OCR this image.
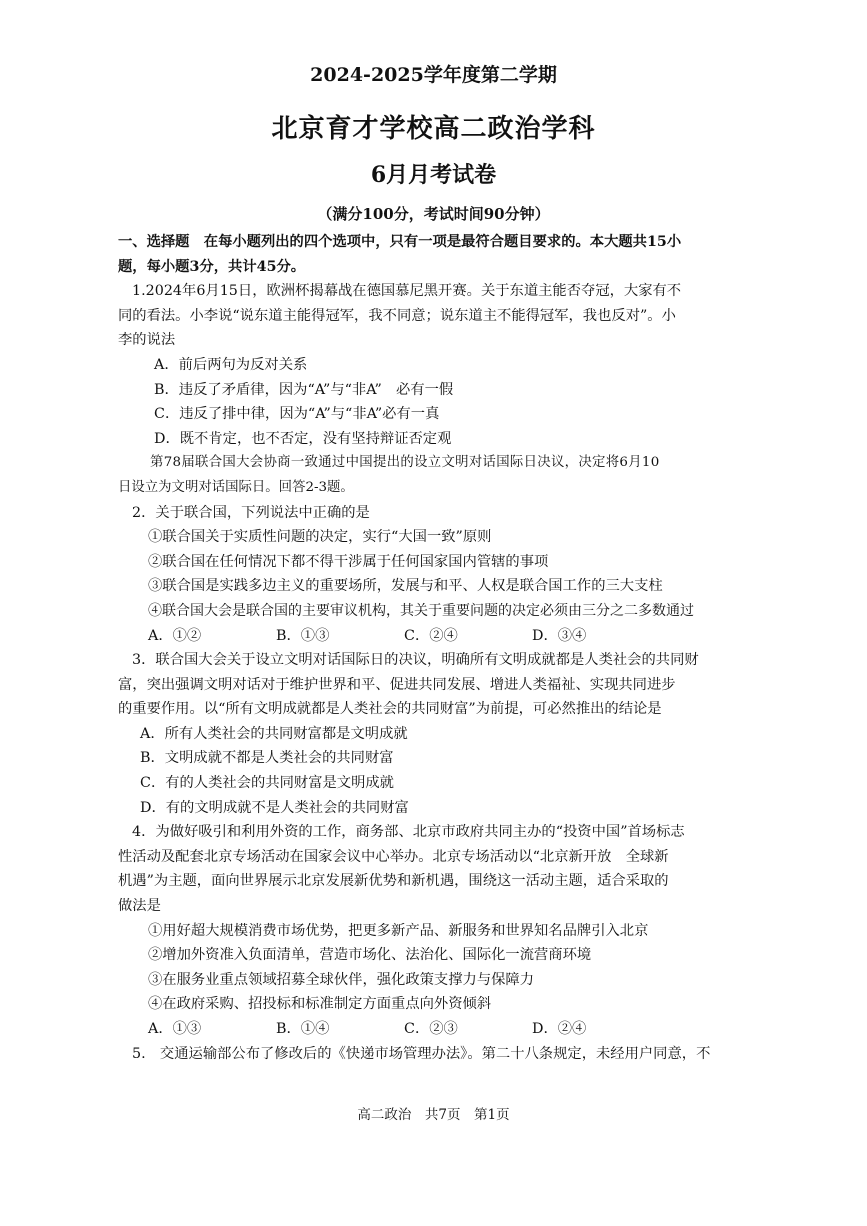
2024-2025学年度第二学期
北京育才学校高二政治学科
6月月考试卷
（满分100分，考试时间90分钟）

一、选择题　在每小题列出的四个选项中，只有一项是最符合题目要求的。本大题共15小

题，每小题3分，共计45分。

1.2024年6月15日，欧洲杯揭幕战在德国慕尼黑开赛。关于东道主能否夺冠，大家有不

同的看法。小李说“说东道主能得冠军，我不同意；说东道主不能得冠军，我也反对”。小

李的说法

A．前后两句为反对关系

B．违反了矛盾律，因为“A”与“非A”　必有一假

C．违反了排中律，因为“A”与“非A”必有一真

D．既不肯定，也不否定，没有坚持辩证否定观

第78届联合国大会协商一致通过中国提出的设立文明对话国际日决议，决定将6月10

日设立为文明对话国际日。回答2-3题。

2．关于联合国，下列说法中正确的是

①联合国关于实质性问题的决定，实行“大国一致”原则

②联合国在任何情况下都不得干涉属于任何国家国内管辖的事项

③联合国是实践多边主义的重要场所，发展与和平、人权是联合国工作的三大支柱

④联合国大会是联合国的主要审议机构，其关于重要问题的决定必须由三分之二多数通过

A．①②	B．①③	C．②④	D．③④

3．联合国大会关于设立文明对话国际日的决议，明确所有文明成就都是人类社会的共同财

富，突出强调文明对话对于维护世界和平、促进共同发展、增进人类福祉、实现共同进步

的重要作用。以“所有文明成就都是人类社会的共同财富”为前提，可必然推出的结论是

A．所有人类社会的共同财富都是文明成就

B．文明成就不都是人类社会的共同财富

C．有的人类社会的共同财富是文明成就

D．有的文明成就不是人类社会的共同财富

4．为做好吸引和利用外资的工作，商务部、北京市政府共同主办的“投资中国”首场标志

性活动及配套北京专场活动在国家会议中心举办。北京专场活动以“北京新开放　全球新

机遇”为主题，面向世界展示北京发展新优势和新机遇，围绕这一活动主题，适合采取的

做法是

①用好超大规模消费市场优势，把更多新产品、新服务和世界知名品牌引入北京

②增加外资准入负面清单，营造市场化、法治化、国际化一流营商环境

③在服务业重点领域招募全球伙伴，强化政策支撑力与保障力

④在政府采购、招投标和标准制定方面重点向外资倾斜

A．①③	B．①④	C．②③	D．②④

5.　交通运输部公布了修改后的《快递市场管理办法》。第二十八条规定，未经用户同意，不

高二政治　共7页　第1页
